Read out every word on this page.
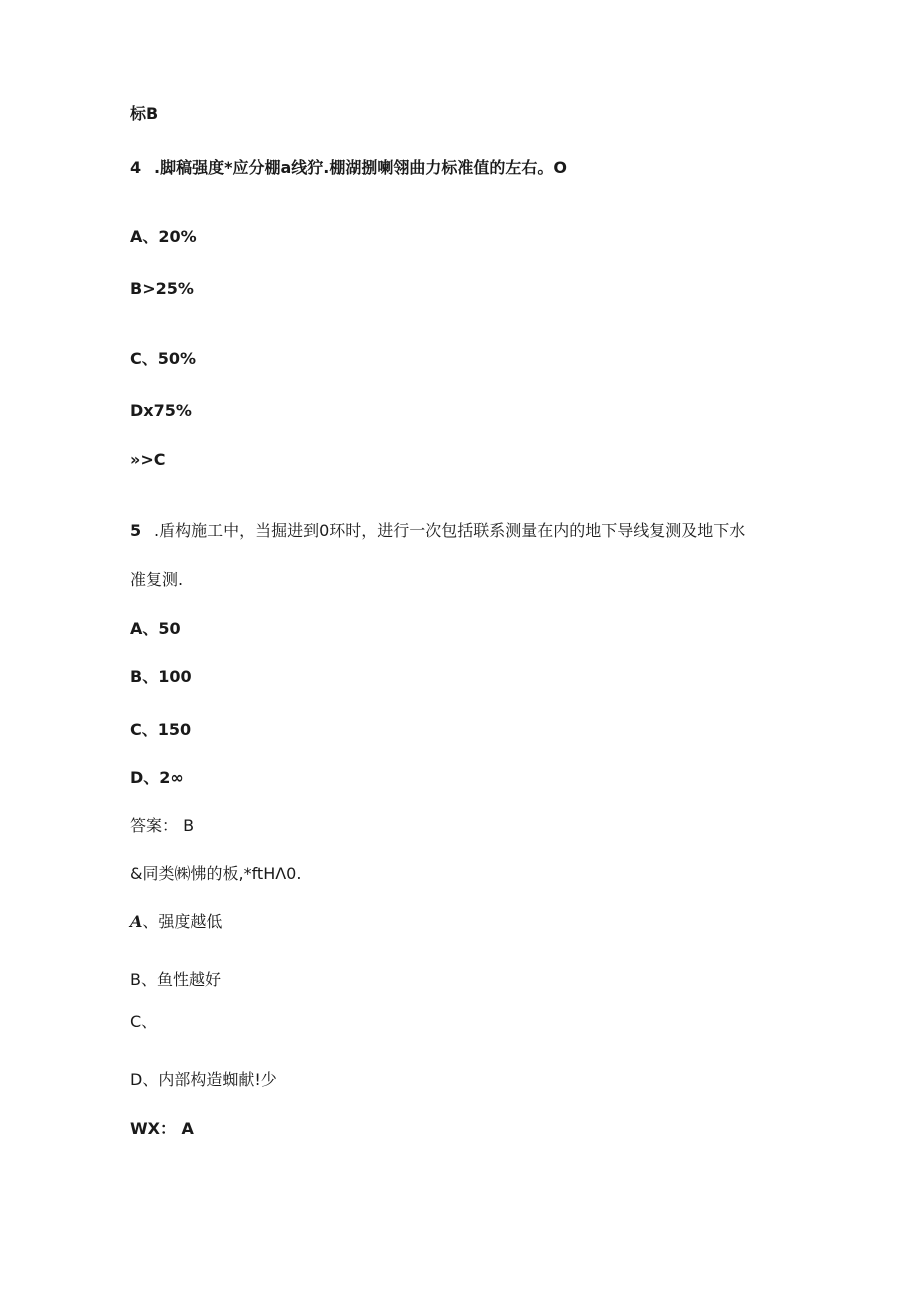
标B
4 .脚稿强度*应分棚a线狞.棚湖捌喇翎曲力标准值的左右。O
A、20%
B>25%
C、50%
Dx75%
»>C
5 .盾构施工中，当掘进到0环时，进行一次包括联系测量在内的地下导线复测及地下水
准复测.
A、50
B、100
C、150
D、2∞
答案： B
&同类㈱怫的板,*ftHΛ0.
A、强度越低
B、鱼性越好
C、
D、内部构造蜘献!少
WX： A
